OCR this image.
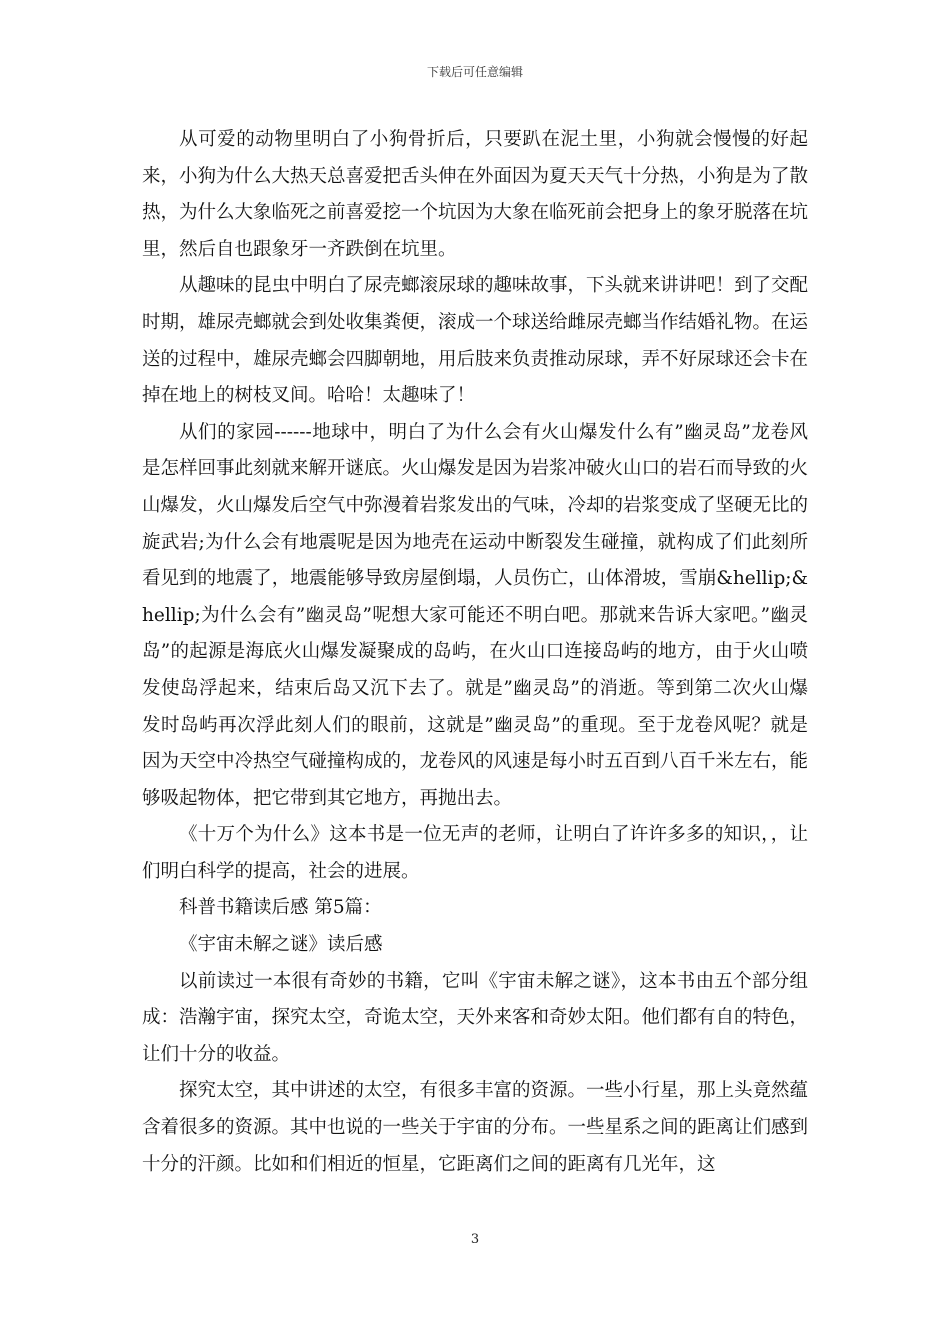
下载后可任意编辑

从可爱的动物里明白了小狗骨折后，只要趴在泥土里，小狗就会慢慢的好起来，小狗为什么大热天总喜爱把舌头伸在外面因为夏天天气十分热，小狗是为了散热，为什么大象临死之前喜爱挖一个坑因为大象在临死前会把身上的象牙脱落在坑里，然后自也跟象牙一齐跌倒在坑里。

从趣味的昆虫中明白了尿壳螂滚尿球的趣味故事，下头就来讲讲吧！到了交配时期，雄尿壳螂就会到处收集粪便，滚成一个球送给雌尿壳螂当作结婚礼物。在运送的过程中，雄尿壳螂会四脚朝地，用后肢来负责推动尿球，弄不好尿球还会卡在掉在地上的树枝叉间。哈哈！太趣味了！

从们的家园------地球中，明白了为什么会有火山爆发什么有”幽灵岛”龙卷风是怎样回事此刻就来解开谜底。火山爆发是因为岩浆冲破火山口的岩石而导致的火山爆发，火山爆发后空气中弥漫着岩浆发出的气味，冷却的岩浆变成了坚硬无比的旋武岩;为什么会有地震呢是因为地壳在运动中断裂发生碰撞，就构成了们此刻所看见到的地震了，地震能够导致房屋倒塌，人员伤亡，山体滑坡，雪崩&hellip;&hellip;为什么会有”幽灵岛”呢想大家可能还不明白吧。那就来告诉大家吧。”幽灵岛”的起源是海底火山爆发凝聚成的岛屿，在火山口连接岛屿的地方，由于火山喷发使岛浮起来，结束后岛又沉下去了。就是”幽灵岛”的消逝。等到第二次火山爆发时岛屿再次浮此刻人们的眼前，这就是”幽灵岛”的重现。至于龙卷风呢？就是因为天空中冷热空气碰撞构成的，龙卷风的风速是每小时五百到八百千米左右，能够吸起物体，把它带到其它地方，再抛出去。

《十万个为什么》这本书是一位无声的老师，让明白了许许多多的知识，，让们明白科学的提高，社会的进展。

科普书籍读后感 第5篇：

《宇宙未解之谜》读后感

以前读过一本很有奇妙的书籍，它叫《宇宙未解之谜》，这本书由五个部分组成：浩瀚宇宙，探究太空，奇诡太空，天外来客和奇妙太阳。他们都有自的特色，让们十分的收益。

探究太空，其中讲述的太空，有很多丰富的资源。一些小行星，那上头竟然蕴含着很多的资源。其中也说的一些关于宇宙的分布。一些星系之间的距离让们感到十分的汗颜。比如和们相近的恒星，它距离们之间的距离有几光年，这

3
